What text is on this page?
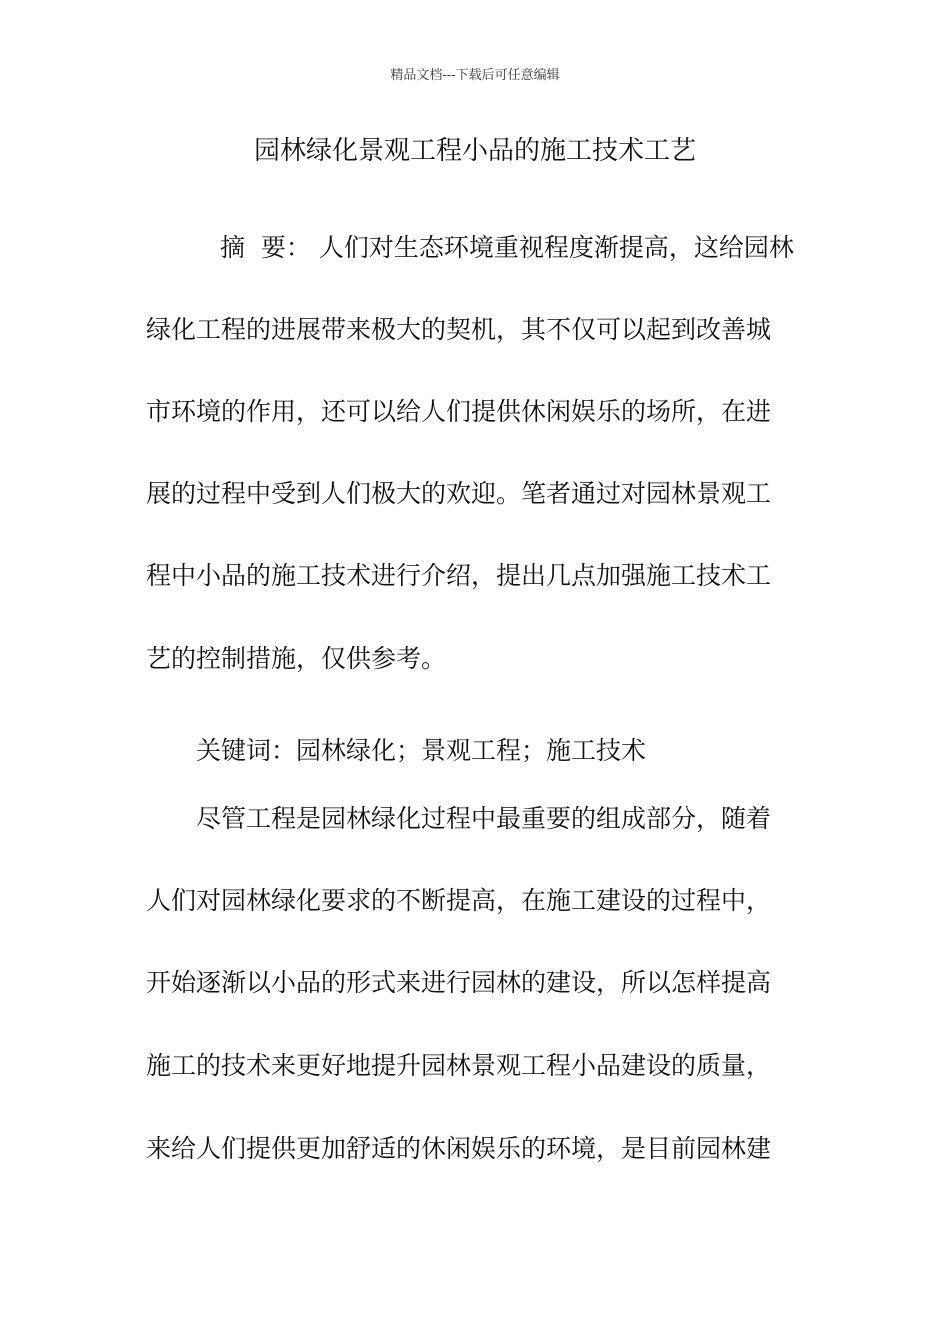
精品文档---下载后可任意编辑
园林绿化景观工程小品的施工技术工艺
摘  要： 人们对生态环境重视程度渐提高，这给园林
绿化工程的进展带来极大的契机，其不仅可以起到改善城
市环境的作用，还可以给人们提供休闲娱乐的场所，在进
展的过程中受到人们极大的欢迎。笔者通过对园林景观工
程中小品的施工技术进行介绍，提出几点加强施工技术工
艺的控制措施，仅供参考。
关键词：园林绿化；景观工程；施工技术
尽管工程是园林绿化过程中最重要的组成部分，随着
人们对园林绿化要求的不断提高，在施工建设的过程中，
开始逐渐以小品的形式来进行园林的建设，所以怎样提高
施工的技术来更好地提升园林景观工程小品建设的质量，
来给人们提供更加舒适的休闲娱乐的环境，是目前园林建
